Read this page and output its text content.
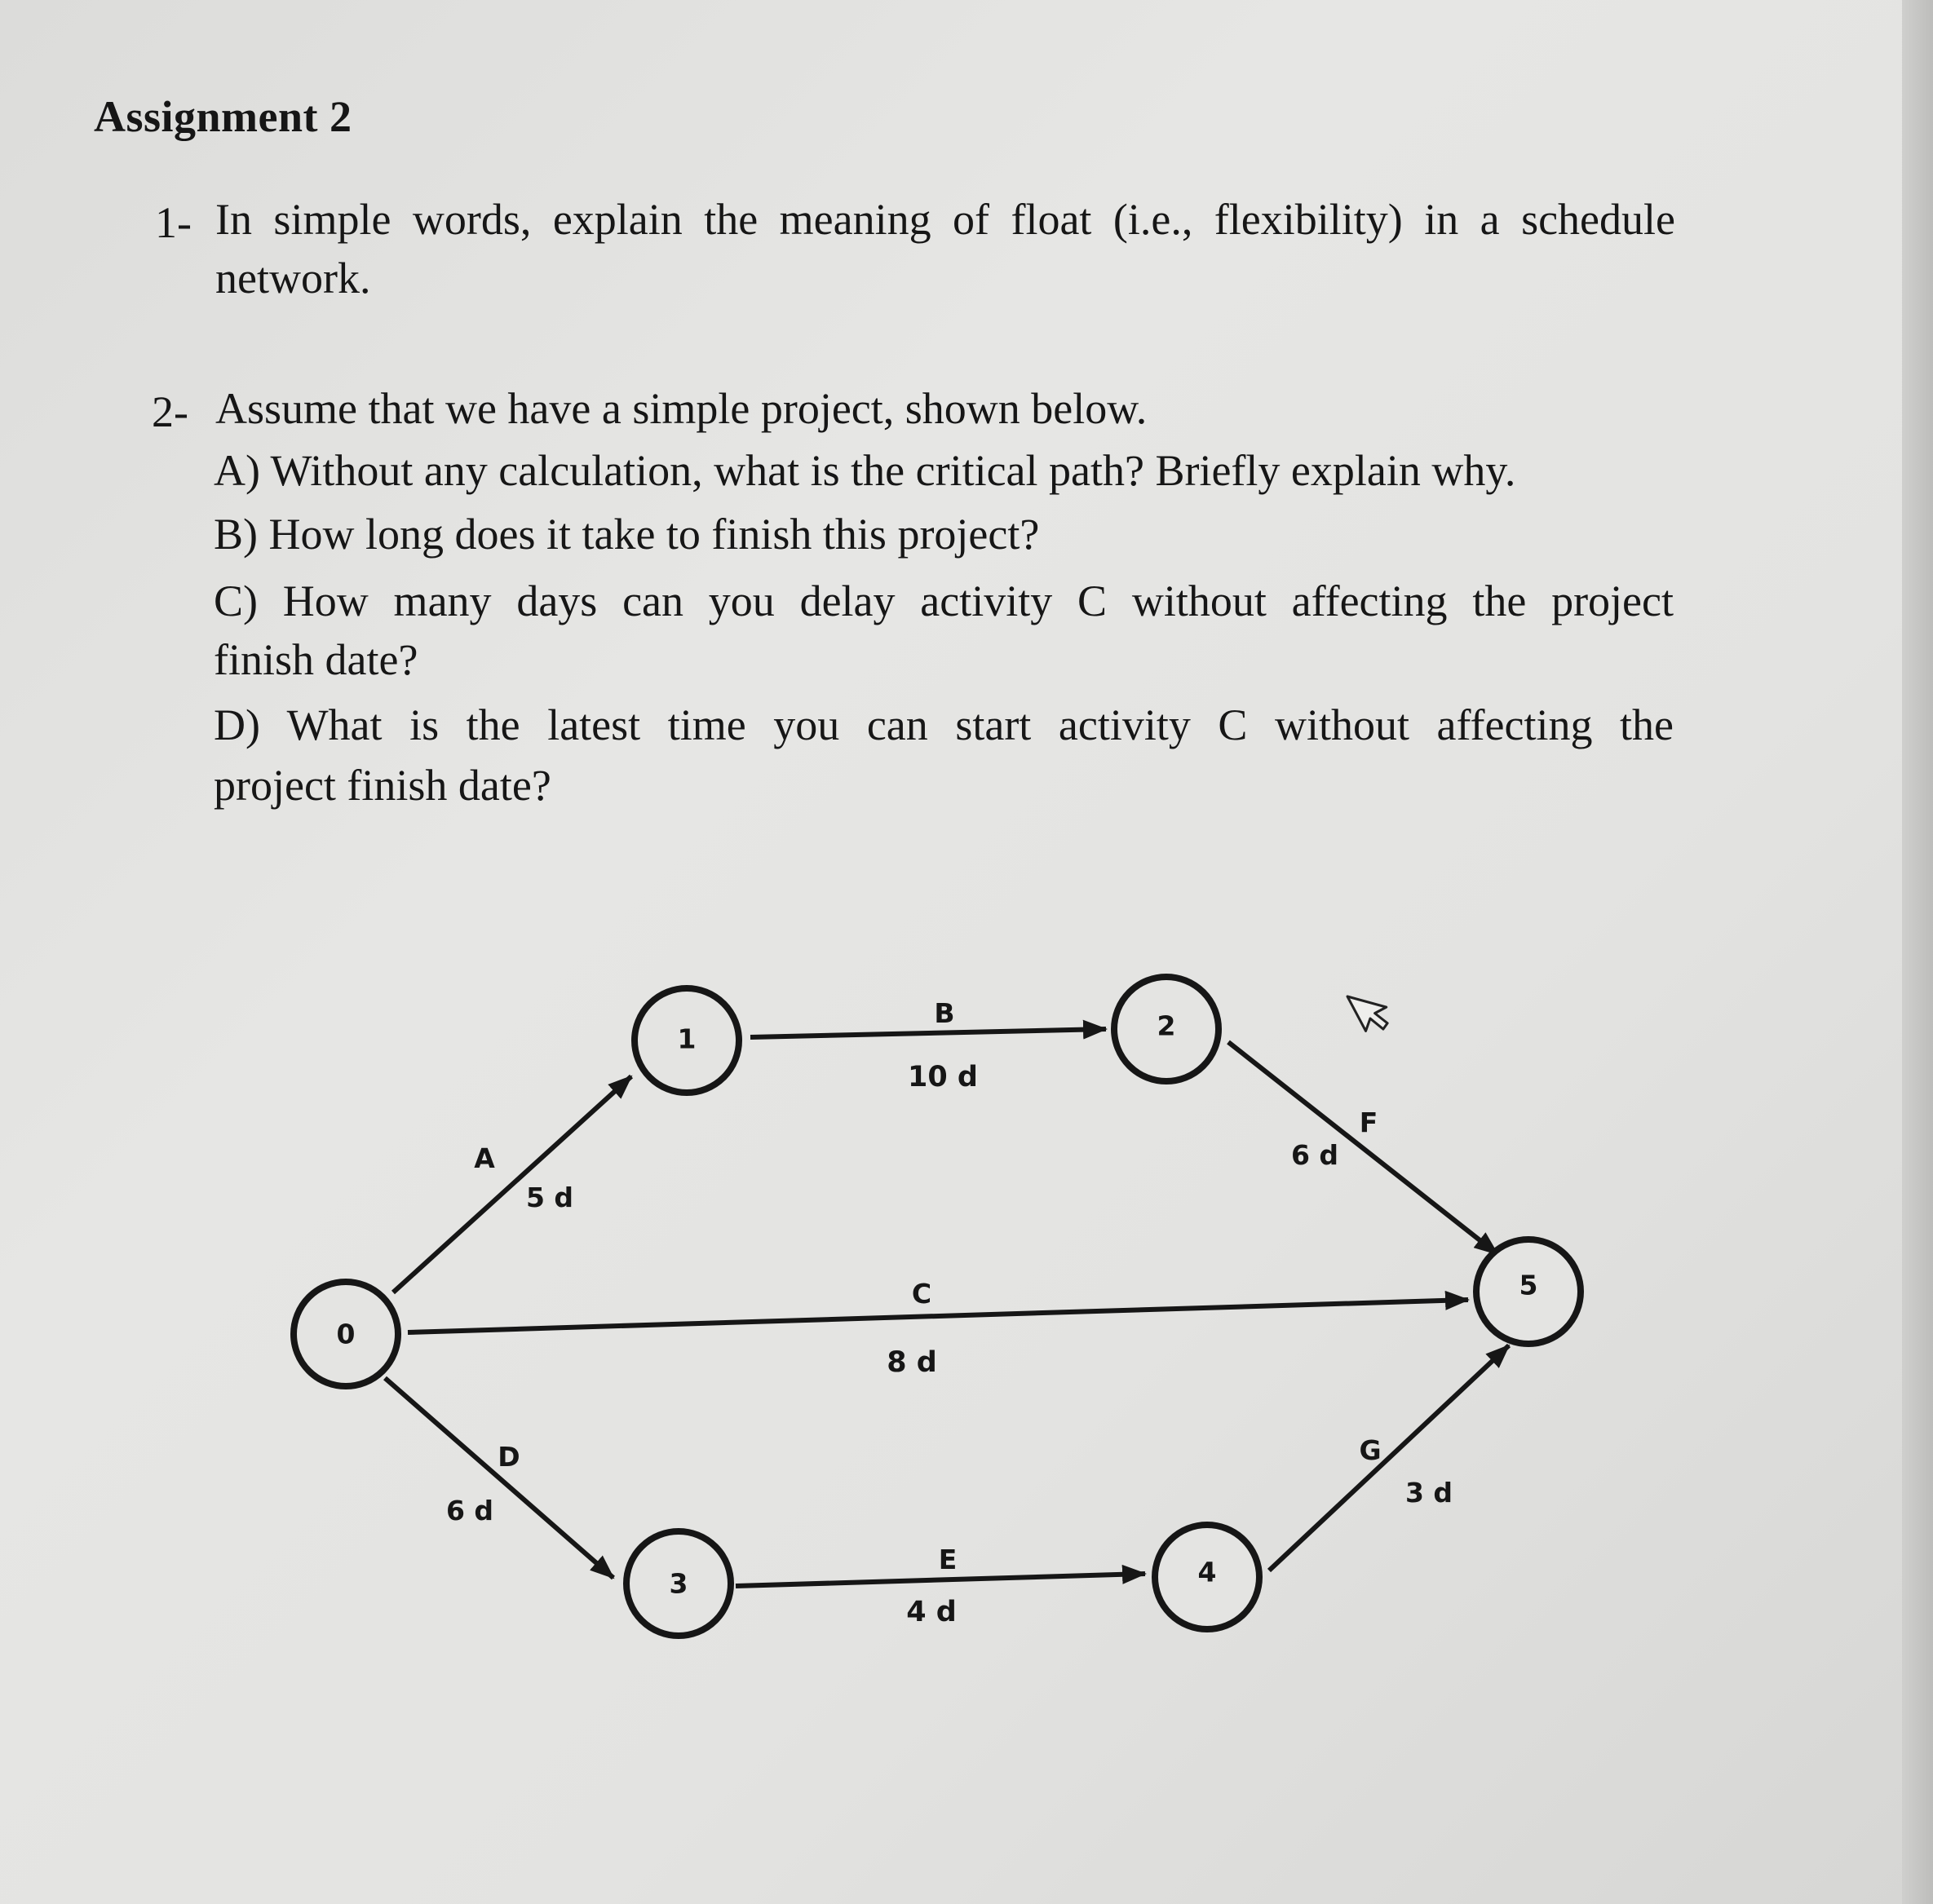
Assignment 2
1- In simple words, explain the meaning of float (i.e., flexibility) in a schedule
network.
2- Assume that we have a simple project, shown below.
A) Without any calculation, what is the critical path? Briefly explain why.
B) How long does it take to finish this project?
C) How many days can you delay activity C without affecting the project
finish date?
D) What is the latest time you can start activity C without affecting the
project finish date?
0
1	2
3	4
5
A
5 d
B
10 d
C
8 d
D
6 d
E
4 d
F
6 d
G
3 d
